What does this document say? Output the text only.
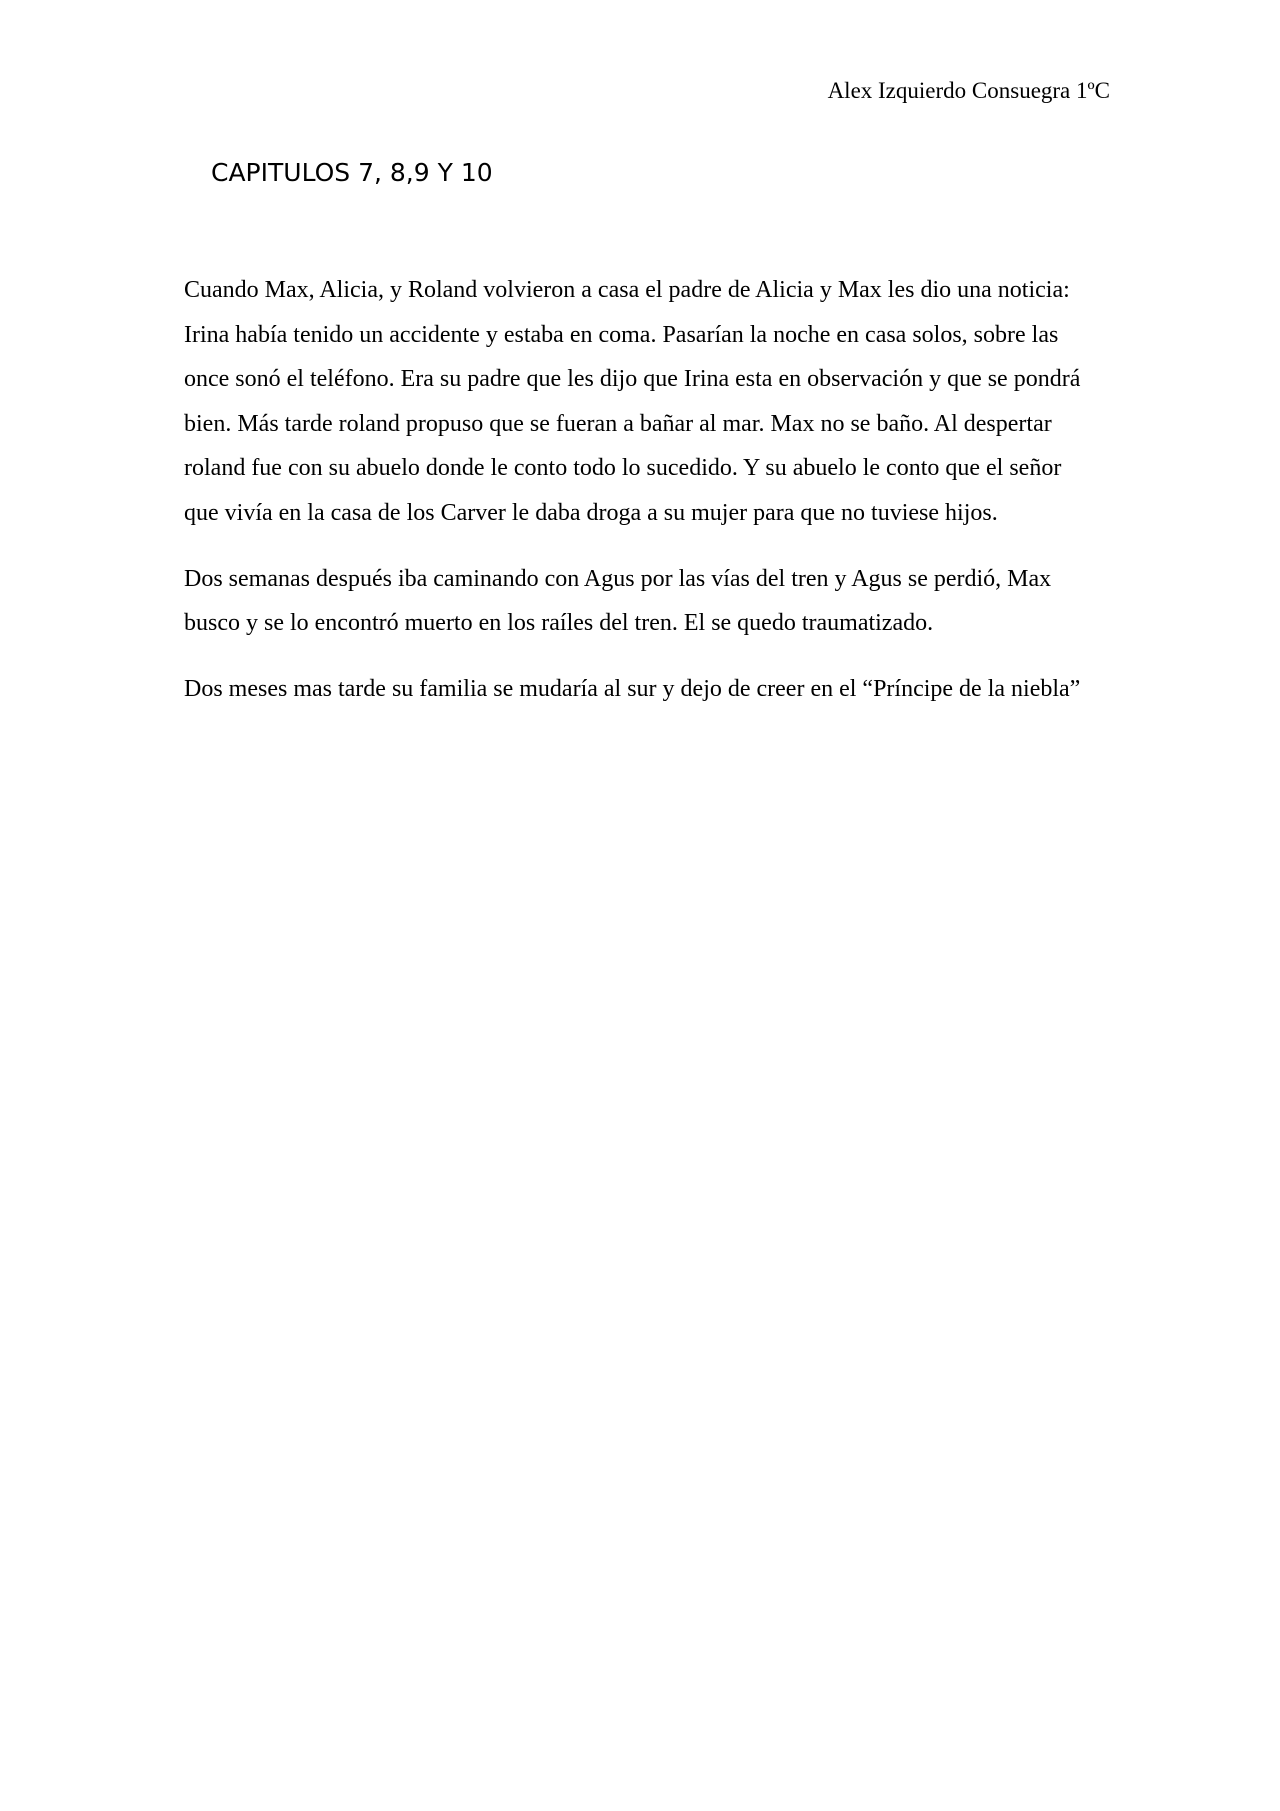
Alex Izquierdo Consuegra 1ºC
CAPITULOS 7, 8,9 Y 10

Cuando Max, Alicia, y Roland volvieron a casa el padre de Alicia y Max les dio una noticia: Irina había tenido un accidente y estaba en coma. Pasarían la noche en casa solos, sobre las once sonó el teléfono. Era su padre que les dijo que Irina esta en observación y que se pondrá bien. Más tarde roland propuso que se fueran a bañar al mar. Max no se baño. Al despertar roland fue con su abuelo donde le conto todo lo sucedido. Y su abuelo le conto que el señor que vivía en la casa de los Carver le daba droga a su mujer para que no tuviese hijos.

Dos semanas después iba caminando con Agus por las vías del tren y Agus se perdió, Max busco y se lo encontró muerto en los raíles del tren. El se quedo traumatizado.

Dos meses mas tarde su familia se mudaría al sur y dejo de creer en el “Príncipe de la niebla”
